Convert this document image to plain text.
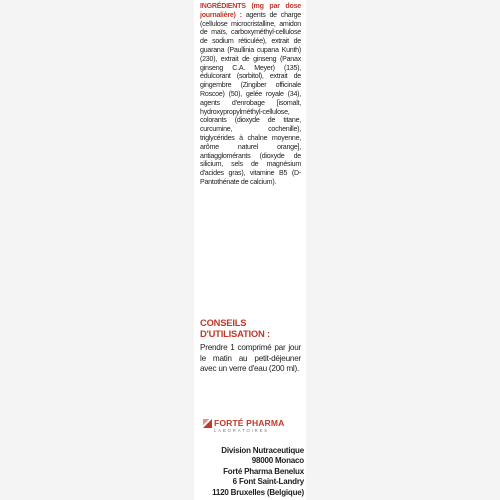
INGRÉDIENTS (mg par dose journalière) : agents de charge (cellulose microcristalline, amidon de maïs, carboxyméthyl-cellulose de sodium réticulée), extrait de guarana (Paullinia cupana Kunth) (230), extrait de ginseng (Panax ginseng C.A. Meyer) (135), édulcorant (sorbitol), extrait de gingembre (Zingiber officinale Roscoe) (50), gelée royale (34), agents d'enrobage [isomalt, hydroxypropylméthyl-cellulose, colorants (dioxyde de titane, curcumine, cochenille), triglycérides à chaîne moyenne, arôme naturel orange], antiagglomérants (dioxyde de silicium, sels de magnésium d'acides gras), vitamine B5 (D-Pantothénate de calcium).
CONSEILS
D'UTILISATION :
Prendre 1 comprimé par jour le matin au petit-déjeuner avec un verre d'eau (200 ml).
FORTÉ PHARMA
LABORATOIRES
Division Nutraceutique
98000 Monaco
Forté Pharma Benelux
6 Font Saint-Landry
1120 Bruxelles (Belgique)
